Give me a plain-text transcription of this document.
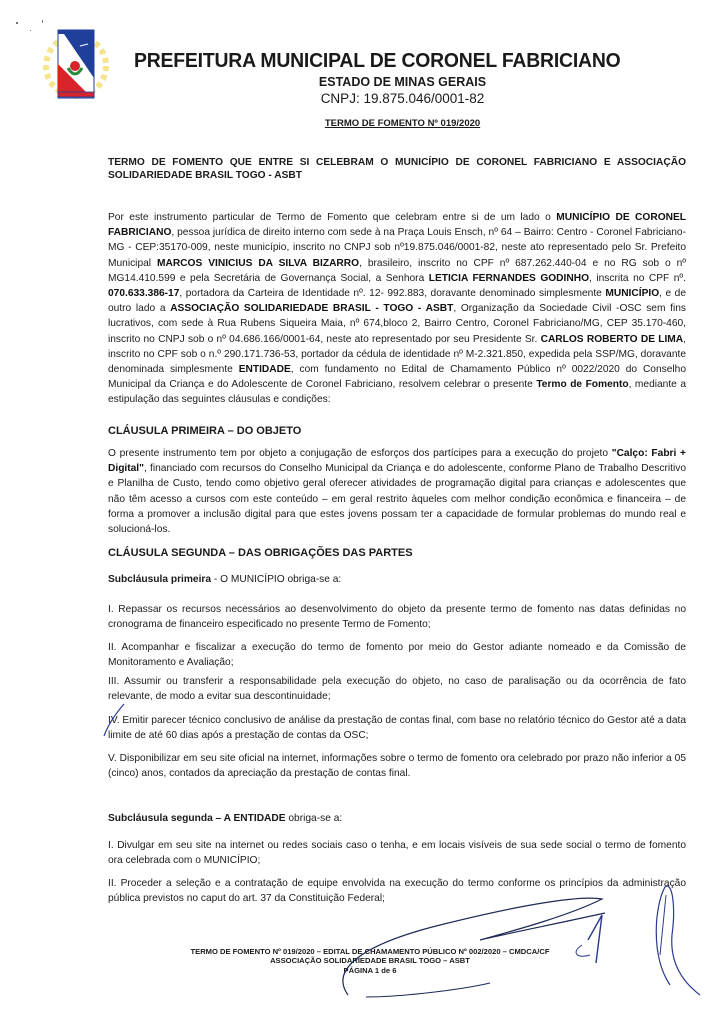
PREFEITURA MUNICIPAL DE CORONEL FABRICIANO
ESTADO DE MINAS GERAIS
CNPJ: 19.875.046/0001-82
TERMO DE FOMENTO Nº 019/2020
TERMO DE FOMENTO QUE ENTRE SI CELEBRAM O MUNICÍPIO DE CORONEL FABRICIANO E ASSOCIAÇÃO
SOLIDARIEDADE BRASIL TOGO - ASBT
Por este instrumento particular de Termo de Fomento que celebram entre si de um lado o MUNICÍPIO DE CORONEL FABRICIANO, pessoa jurídica de direito interno com sede à na Praça Louis Ensch, nº 64 – Bairro: Centro - Coronel Fabriciano-MG - CEP:35170-009, neste município, inscrito no CNPJ sob nº19.875.046/0001-82, neste ato representado pelo Sr. Prefeito Municipal MARCOS VINICIUS DA SILVA BIZARRO, brasileiro, inscrito no CPF nº 687.262.440-04 e no RG sob o nº MG14.410.599 e pela Secretária de Governança Social, a Senhora LETICIA FERNANDES GODINHO, inscrita no CPF nº. 070.633.386-17, portadora da Carteira de Identidade nº. 12- 992.883, doravante denominado simplesmente MUNICÍPIO, e de outro lado a ASSOCIAÇÃO SOLIDARIEDADE BRASIL - TOGO - ASBT, Organização da Sociedade Civil -OSC sem fins lucrativos, com sede à Rua Rubens Siqueira Maia, nº 674,bloco 2, Bairro Centro, Coronel Fabriciano/MG, CEP 35.170-460, inscrito no CNPJ sob o nº 04.686.166/0001-64, neste ato representado por seu Presidente Sr. CARLOS ROBERTO DE LIMA, inscrito no CPF sob o n.º 290.171.736-53, portador da cédula de identidade nº M-2.321.850, expedida pela SSP/MG, doravante denominada simplesmente ENTIDADE, com fundamento no Edital de Chamamento Público nº 0022/2020 do Conselho Municipal da Criança e do Adolescente de Coronel Fabriciano, resolvem celebrar o presente Termo de Fomento, mediante a estipulação das seguintes cláusulas e condições:
CLÁUSULA PRIMEIRA – DO OBJETO
O presente instrumento tem por objeto a conjugação de esforços dos partícipes para a execução do projeto "Calço: Fabri + Digital", financiado com recursos do Conselho Municipal da Criança e do adolescente, conforme Plano de Trabalho Descritivo e Planilha de Custo, tendo como objetivo geral oferecer atividades de programação digital para crianças e adolescentes que não têm acesso a cursos com este conteúdo – em geral restrito àqueles com melhor condição econômica e financeira – de forma a promover a inclusão digital para que estes jovens possam ter a capacidade de formular problemas do mundo real e solucioná-los.
CLÁUSULA SEGUNDA – DAS OBRIGAÇÕES DAS PARTES
Subcláusula primeira - O MUNICÍPIO obriga-se a:
I. Repassar os recursos necessários ao desenvolvimento do objeto da presente termo de fomento nas datas definidas no cronograma de financeiro especificado no presente Termo de Fomento;
II. Acompanhar e fiscalizar a execução do termo de fomento por meio do Gestor adiante nomeado e da Comissão de Monitoramento e Avaliação;
III. Assumir ou transferir a responsabilidade pela execução do objeto, no caso de paralisação ou da ocorrência de fato relevante, de modo a evitar sua descontinuidade;
IV. Emitir parecer técnico conclusivo de análise da prestação de contas final, com base no relatório técnico do Gestor até a data limite de até 60 dias após a prestação de contas da OSC;
V. Disponibilizar em seu site oficial na internet, informações sobre o termo de fomento ora celebrado por prazo não inferior a 05 (cinco) anos, contados da apreciação da prestação de contas final.
Subcláusula segunda – A ENTIDADE obriga-se a:
I. Divulgar em seu site na internet ou redes sociais caso o tenha, e em locais visíveis de sua sede social o termo de fomento ora celebrada com o MUNICÍPIO;
II. Proceder a seleção e a contratação de equipe envolvida na execução do termo conforme os princípios da administração pública previstos no caput do art. 37 da Constituição Federal;
TERMO DE FOMENTO Nº 019/2020 – EDITAL DE CHAMAMENTO PÚBLICO Nº 002/2020 – CMDCA/CF
ASSOCIAÇÃO SOLIDARIEDADE BRASIL TOGO – ASBT
PÁGINA 1 de 6
